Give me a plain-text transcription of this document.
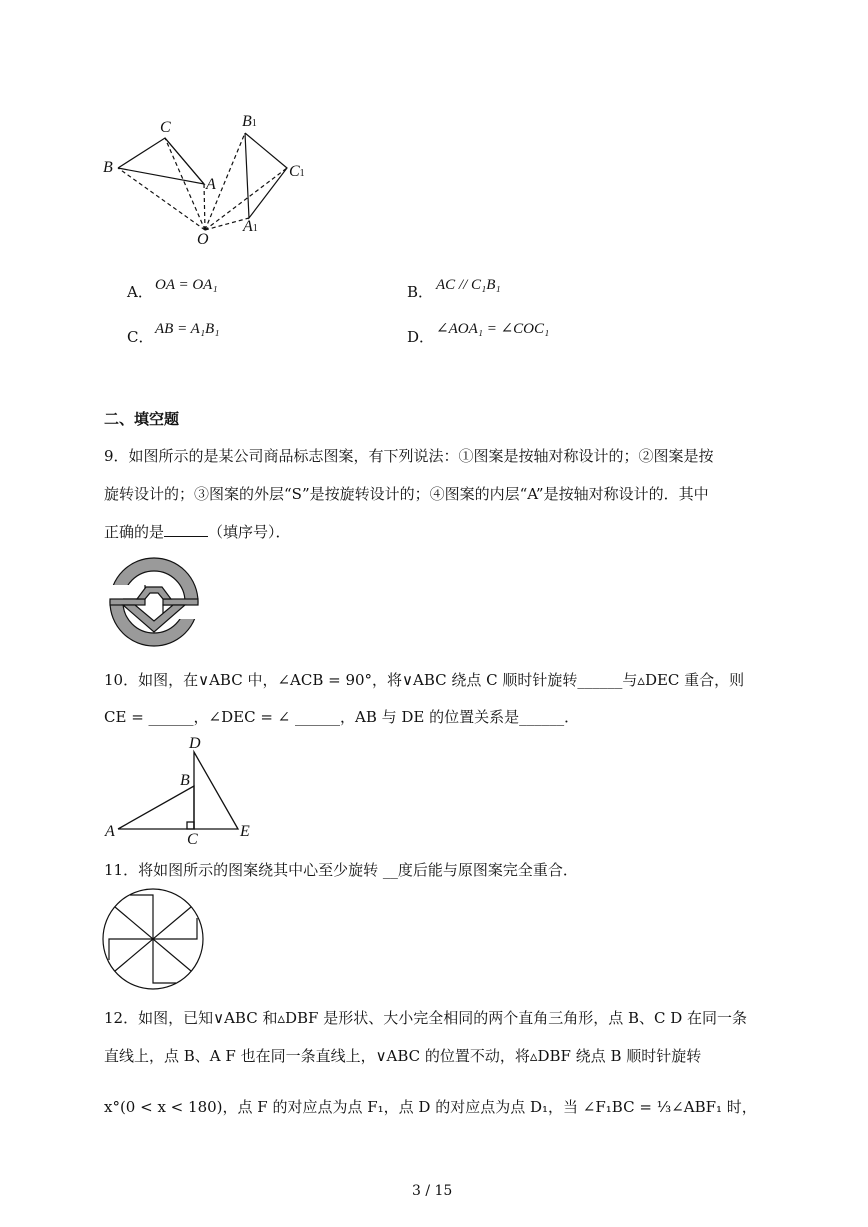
C
B
A
O
B1
C1
A1
A． OA = OA₁	B． AC // C₁B₁
C． AB = A₁B₁	D． ∠AOA₁ = ∠COC₁
二、填空题
9．如图所示的是某公司商品标志图案，有下列说法：①图案是按轴对称设计的；②图案是按
旋转设计的；③图案的外层“S”是按旋转设计的；④图案的内层“A”是按轴对称设计的．其中
正确的是	（填序号）．
10．如图，在∨ABC 中，∠ACB = 90°，将∨ABC 绕点 C 顺时针旋转______与▵DEC 重合，则
CE = ______，∠DEC = ∠ ______，AB 与 DE 的位置关系是______．
D
B
A	C	E
11．将如图所示的图案绕其中心至少旋转 __度后能与原图案完全重合．
12．如图，已知∨ABC 和▵DBF 是形状、大小完全相同的两个直角三角形，点 B、C D 在同一条
直线上，点 B、A F 也在同一条直线上，∨ABC 的位置不动，将▵DBF 绕点 B 顺时针旋转
x°(0 < x < 180)，点 F 的对应点为点 F₁，点 D 的对应点为点 D₁，当 ∠F₁BC = ⅓∠ABF₁ 时，
3 / 15
